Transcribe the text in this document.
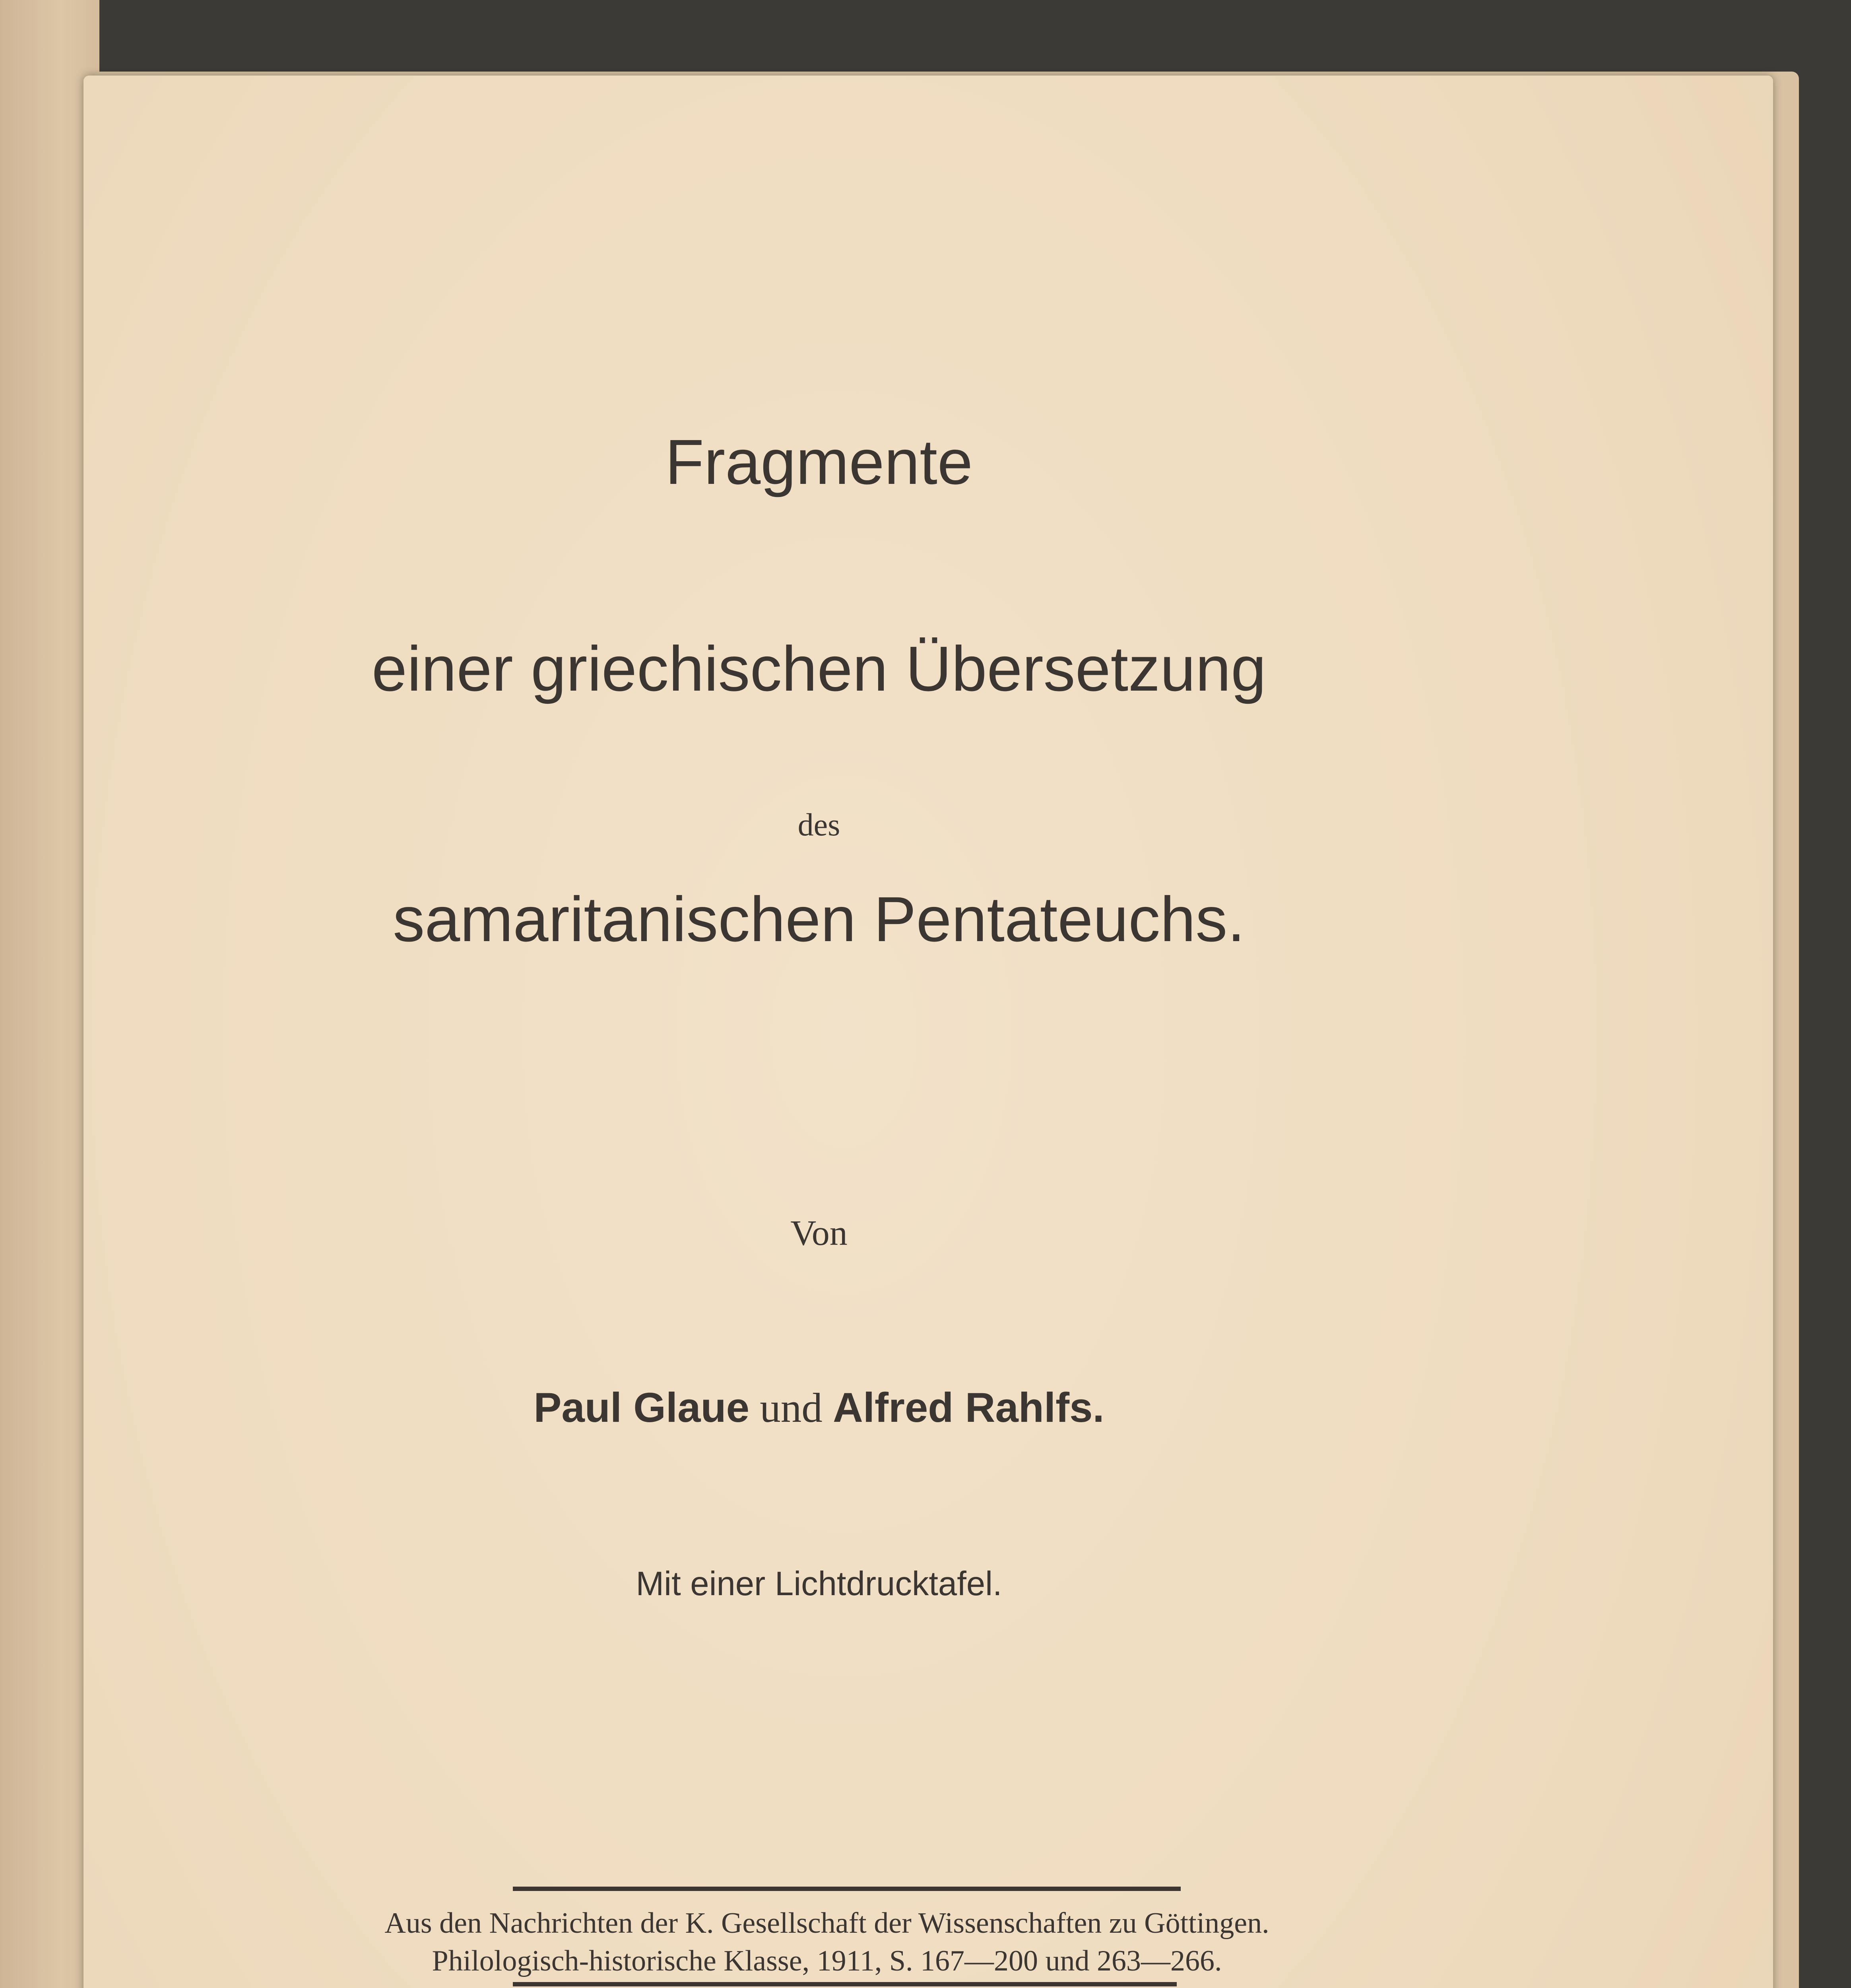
Fragmente
einer griechischen Übersetzung
des
samaritanischen Pentateuchs.
Von
Paul Glaue und Alfred Rahlfs.
Mit einer Lichtdrucktafel.
Aus den Nachrichten der K. Gesellschaft der Wissenschaften zu Göttingen.
Philologisch-historische Klasse, 1911, S. 167—200 und 263—266.
